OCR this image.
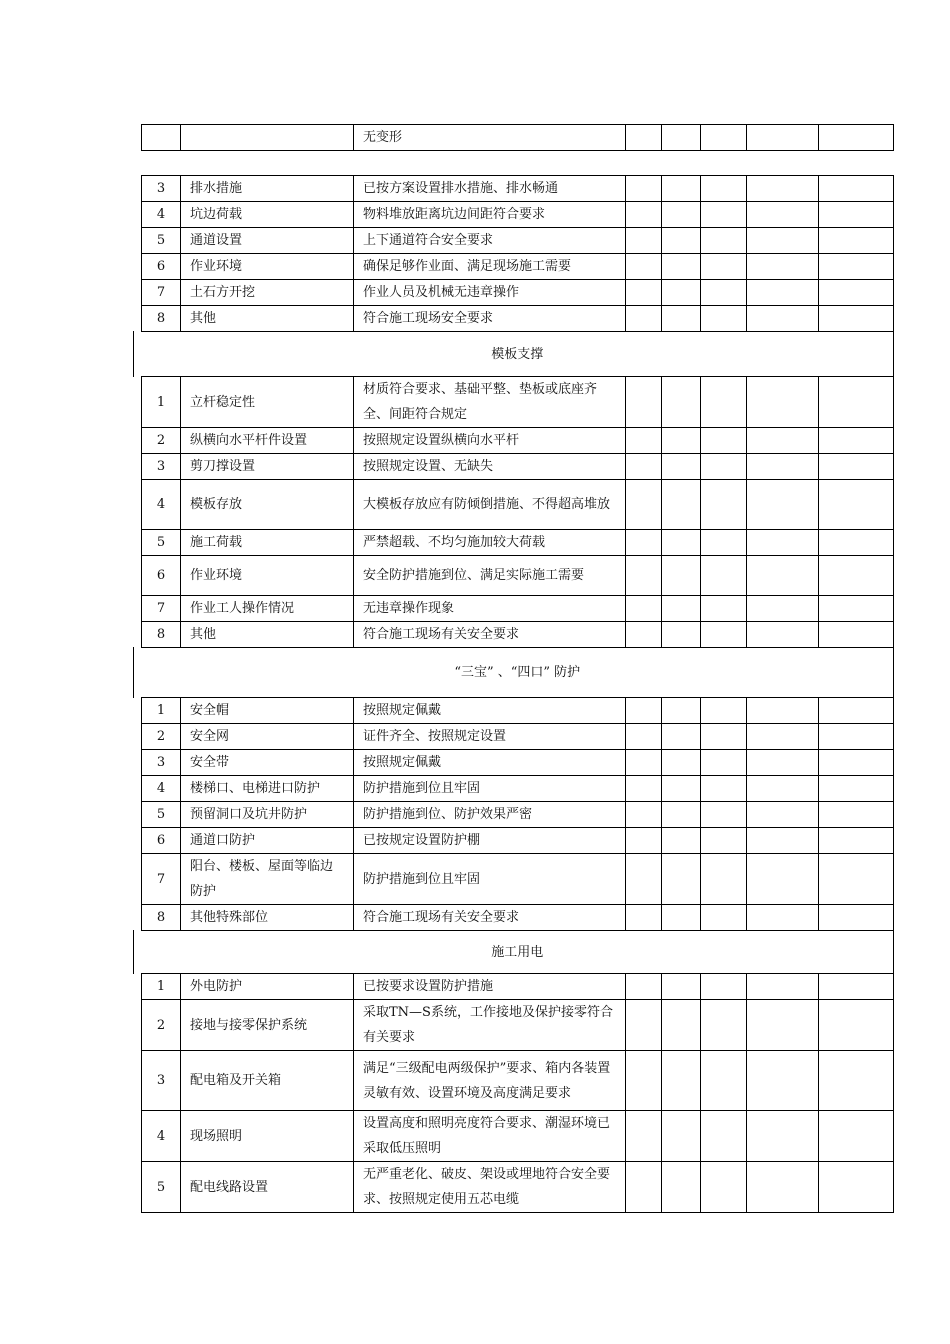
		无变形					
3	排水措施	已按方案设置排水措施、排水畅通					
4	坑边荷载	物料堆放距离坑边间距符合要求					
5	通道设置	上下通道符合安全要求					
6	作业环境	确保足够作业面、满足现场施工需要					
7	土石方开挖	作业人员及机械无违章操作					
8	其他	符合施工现场安全要求					
模板支撑							
1	立杆稳定性	材质符合要求、基础平整、垫板或底座齐全、间距符合规定					
2	纵横向水平杆件设置	按照规定设置纵横向水平杆					
3	剪刀撑设置	按照规定设置、无缺失					
4	模板存放	大模板存放应有防倾倒措施、不得超高堆放					
5	施工荷载	严禁超载、不均匀施加较大荷载					
6	作业环境	安全防护措施到位、满足实际施工需要					
7	作业工人操作情况	无违章操作现象					
8	其他	符合施工现场有关安全要求					
“三宝” 、“四口” 防护							
1	安全帽	按照规定佩戴					
2	安全网	证件齐全、按照规定设置					
3	安全带	按照规定佩戴					
4	楼梯口、电梯进口防护	防护措施到位且牢固					
5	预留洞口及坑井防护	防护措施到位、防护效果严密					
6	通道口防护	已按规定设置防护棚					
7	阳台、楼板、屋面等临边防护	防护措施到位且牢固					
8	其他特殊部位	符合施工现场有关安全要求					
施工用电							
1	外电防护	已按要求设置防护措施					
2	接地与接零保护系统	采取TN—S系统，工作接地及保护接零符合有关要求					
3	配电箱及开关箱	满足“三级配电两级保护”要求、箱内各装置灵敏有效、设置环境及高度满足要求					
4	现场照明	设置高度和照明亮度符合要求、潮湿环境已采取低压照明					
5	配电线路设置	无严重老化、破皮、架设或埋地符合安全要求、按照规定使用五芯电缆					
